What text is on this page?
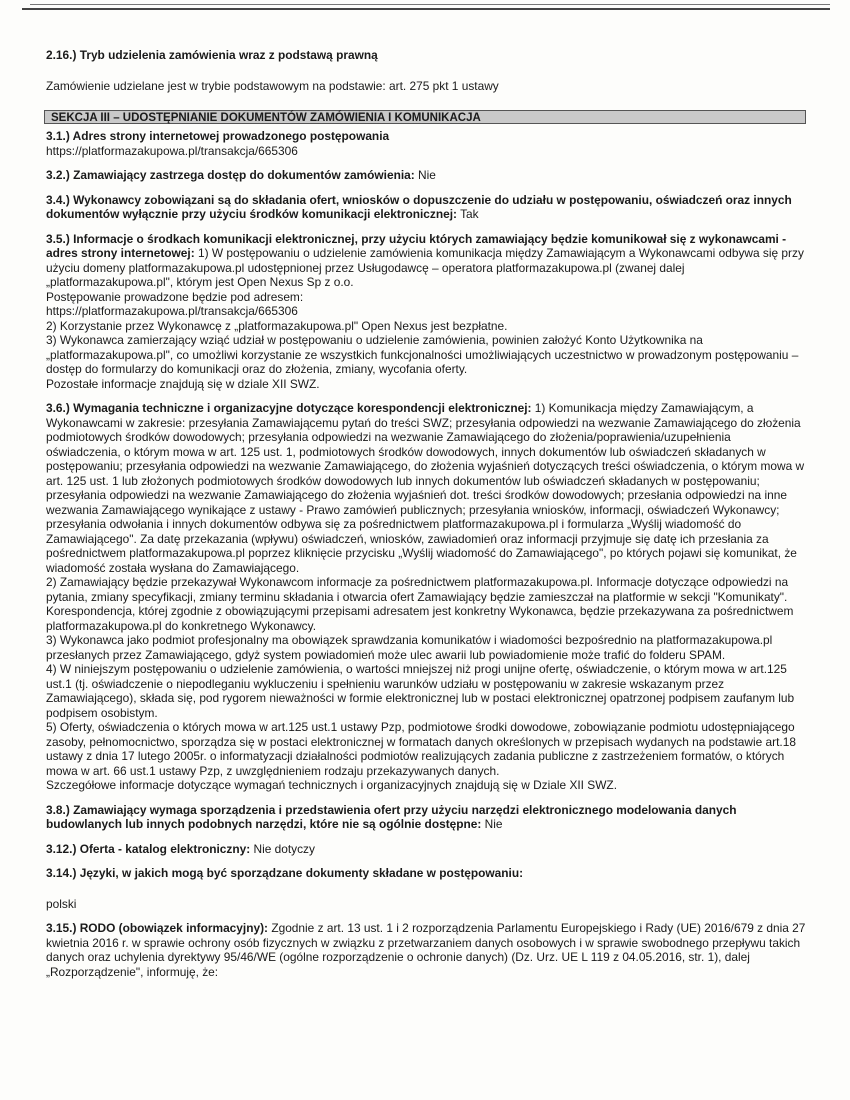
SEKCJA III – UDOSTĘPNIANIE DOKUMENTÓW ZAMÓWIENIA I KOMUNIKACJA
2.16.) Tryb udzielenia zamówienia wraz z podstawą prawną
Zamówienie udzielane jest w trybie podstawowym na podstawie: art. 275 pkt 1 ustawy
3.1.) Adres strony internetowej prowadzonego postępowania
https://platformazakupowa.pl/transakcja/665306

3.2.) Zamawiający zastrzega dostęp do dokumentów zamówienia: Nie

3.4.) Wykonawcy zobowiązani są do składania ofert, wniosków o dopuszczenie do udziału w postępowaniu, oświadczeń oraz innych dokumentów wyłącznie przy użyciu środków komunikacji elektronicznej: Tak

3.5.) Informacje o środkach komunikacji elektronicznej, przy użyciu których zamawiający będzie komunikował się z wykonawcami - adres strony internetowej: 1) W postępowaniu o udzielenie zamówienia komunikacja między Zamawiającym a Wykonawcami odbywa się przy użyciu domeny platformazakupowa.pl udostępnionej przez Usługodawcę – operatora platformazakupowa.pl (zwanej dalej „platformazakupowa.pl", którym jest Open Nexus Sp z o.o.

Postępowanie prowadzone będzie pod adresem:
https://platformazakupowa.pl/transakcja/665306
2) Korzystanie przez Wykonawcę z „platformazakupowa.pl" Open Nexus jest bezpłatne.
3) Wykonawca zamierzający wziąć udział w postępowaniu o udzielenie zamówienia, powinien założyć Konto Użytkownika na „platformazakupowa.pl", co umożliwi korzystanie ze wszystkich funkcjonalności umożliwiających uczestnictwo w prowadzonym postępowaniu – dostęp do formularzy do komunikacji oraz do złożenia, zmiany, wycofania oferty.
Pozostałe informacje znajdują się w dziale XII SWZ.

3.6.) Wymagania techniczne i organizacyjne dotyczące korespondencji elektronicznej: 1) Komunikacja między Zamawiającym, a Wykonawcami w zakresie: przesyłania Zamawiającemu pytań do treści SWZ; przesyłania odpowiedzi na wezwanie Zamawiającego do złożenia podmiotowych środków dowodowych; przesyłania odpowiedzi na wezwanie Zamawiającego do złożenia/poprawienia/uzupełnienia oświadczenia, o którym mowa w art. 125 ust. 1, podmiotowych środków dowodowych, innych dokumentów lub oświadczeń składanych w postępowaniu; przesyłania odpowiedzi na wezwanie Zamawiającego, do złożenia wyjaśnień dotyczących treści oświadczenia, o którym mowa w art. 125 ust. 1 lub złożonych podmiotowych środków dowodowych lub innych dokumentów lub oświadczeń składanych w postępowaniu; przesyłania odpowiedzi na wezwanie Zamawiającego do złożenia wyjaśnień dot. treści środków dowodowych; przesłania odpowiedzi na inne wezwania Zamawiającego wynikające z ustawy - Prawo zamówień publicznych; przesyłania wniosków, informacji, oświadczeń Wykonawcy; przesyłania odwołania i innych dokumentów odbywa się za pośrednictwem platformazakupowa.pl i formularza „Wyślij wiadomość do Zamawiającego". Za datę przekazania (wpływu) oświadczeń, wniosków, zawiadomień oraz informacji przyjmuje się datę ich przesłania za pośrednictwem platformazakupowa.pl poprzez kliknięcie przycisku „Wyślij wiadomość do Zamawiającego", po których pojawi się komunikat, że wiadomość została wysłana do Zamawiającego.

2) Zamawiający będzie przekazywał Wykonawcom informacje za pośrednictwem platformazakupowa.pl. Informacje dotyczące odpowiedzi na pytania, zmiany specyfikacji, zmiany terminu składania i otwarcia ofert Zamawiający będzie zamieszczał na platformie w sekcji "Komunikaty". Korespondencja, której zgodnie z obowiązującymi przepisami adresatem jest konkretny Wykonawca, będzie przekazywana za pośrednictwem platformazakupowa.pl do konkretnego Wykonawcy.
3) Wykonawca jako podmiot profesjonalny ma obowiązek sprawdzania komunikatów i wiadomości bezpośrednio na platformazakupowa.pl przesłanych przez Zamawiającego, gdyż system powiadomień może ulec awarii lub powiadomienie może trafić do folderu SPAM.
4) W niniejszym postępowaniu o udzielenie zamówienia, o wartości mniejszej niż progi unijne ofertę, oświadczenie, o którym mowa w art.125 ust.1 (tj. oświadczenie o niepodleganiu wykluczeniu i spełnieniu warunków udziału w postępowaniu w zakresie wskazanym przez Zamawiającego), składa się, pod rygorem nieważności w formie elektronicznej lub w postaci elektronicznej opatrzonej podpisem zaufanym lub podpisem osobistym.
5) Oferty, oświadczenia o których mowa w art.125 ust.1 ustawy Pzp, podmiotowe środki dowodowe, zobowiązanie podmiotu udostępniającego zasoby, pełnomocnictwo, sporządza się w postaci elektronicznej w formatach danych określonych w przepisach wydanych na podstawie art.18 ustawy z dnia 17 lutego 2005r. o informatyzacji działalności podmiotów realizujących zadania publiczne z zastrzeżeniem formatów, o których mowa w art. 66 ust.1 ustawy Pzp, z uwzględnieniem rodzaju przekazywanych danych.
Szczegółowe informacje dotyczące wymagań technicznych i organizacyjnych znajdują się w Dziale XII SWZ.

3.8.) Zamawiający wymaga sporządzenia i przedstawienia ofert przy użyciu narzędzi elektronicznego modelowania danych budowlanych lub innych podobnych narzędzi, które nie są ogólnie dostępne: Nie

3.12.) Oferta - katalog elektroniczny: Nie dotyczy

3.14.) Języki, w jakich mogą być sporządzane dokumenty składane w postępowaniu:
polski

3.15.) RODO (obowiązek informacyjny): Zgodnie z art. 13 ust. 1 i 2 rozporządzenia Parlamentu Europejskiego i Rady (UE) 2016/679 z dnia 27 kwietnia 2016 r. w sprawie ochrony osób fizycznych w związku z przetwarzaniem danych osobowych i w sprawie swobodnego przepływu takich danych oraz uchylenia dyrektywy 95/46/WE (ogólne rozporządzenie o ochronie danych) (Dz. Urz. UE L 119 z 04.05.2016, str. 1), dalej „Rozporządzenie", informuję, że:
